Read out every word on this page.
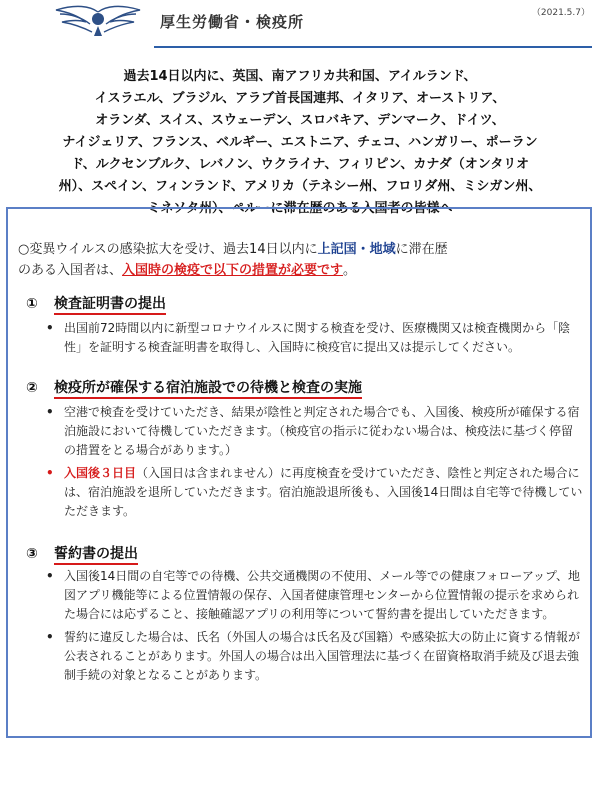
厚生労働省・検疫所	（2021.5.7）
過去14日以内に、英国、南アフリカ共和国、アイルランド、
イスラエル、ブラジル、アラブ首長国連邦、イタリア、オーストリア、
オランダ、スイス、スウェーデン、スロバキア、デンマーク、ドイツ、
ナイジェリア、フランス、ベルギー、エストニア、チェコ、ハンガリー、ポーラン
ド、ルクセンブルク、レバノン、ウクライナ、フィリピン、カナダ（オンタリオ
州）、スペイン、フィンランド、アメリカ（テネシー州、フロリダ州、ミシガン州、
ミネソタ州）、ペルーに滞在歴のある入国者の皆様へ
○変異ウイルスの感染拡大を受け、過去14日以内に上記国・地域に滞在歴
のある入国者は、入国時の検疫で以下の措置が必要です。
① 検査証明書の提出
• 出国前72時間以内に新型コロナウイルスに関する検査を受け、医療機関又は検査機関から「陰性」を証明する検査証明書を取得し、入国時に検疫官に提出又は提示してください。
② 検疫所が確保する宿泊施設での待機と検査の実施
• 空港で検査を受けていただき、結果が陰性と判定された場合でも、入国後、検疫所が確保する宿泊施設において待機していただきます。（検疫官の指示に従わない場合は、検疫法に基づく停留の措置をとる場合があります。）
• 入国後３日目（入国日は含まれません）に再度検査を受けていただき、陰性と判定された場合には、宿泊施設を退所していただきます。宿泊施設退所後も、入国後14日間は自宅等で待機していただきます。
③ 誓約書の提出
• 入国後14日間の自宅等での待機、公共交通機関の不使用、メール等での健康フォローアップ、地図アプリ機能等による位置情報の保存、入国者健康管理センターから位置情報の提示を求められた場合には応ずること、接触確認アプリの利用等について誓約書を提出していただきます。
• 誓約に違反した場合は、氏名（外国人の場合は氏名及び国籍）や感染拡大の防止に資する情報が公表されることがあります。外国人の場合は出入国管理法に基づく在留資格取消手続及び退去強制手続の対象となることがあります。
